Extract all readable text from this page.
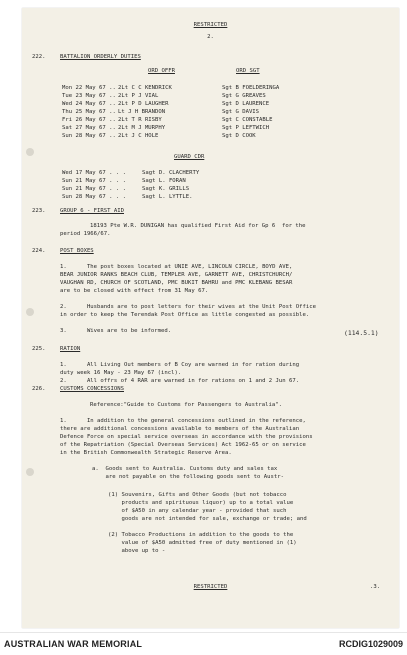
RESTRICTED
2.
222.	BATTALION ORDERLY DUTIES
ORD OFFR	ORD SGT
Mon 22 May 67 .. 2Lt C C KENDRICK	Sgt B FOELDERINGA
Tue 23 May 67 .. 2Lt P J VIAL	Sgt G GREAVES
Wed 24 May 67 .. 2Lt P D LAUGHER	Sgt D LAURENCE
Thu 25 May 67 .. Lt J H BRANDON	Sgt G DAVIS
Fri 26 May 67 .. 2Lt T R RISBY	Sgt C CONSTABLE
Sat 27 May 67 .. 2Lt M J MURPHY	Sgt P LEFTWICH
Sun 28 May 67 .. 2Lt J C HOLE	Sgt D COOK
GUARD CDR
Wed 17 May 67 . . .	Sagt D. CLACHERTY
Sun 21 May 67 . . .	Sagt L. FORAN
Sun 21 May 67 . . .	Sagt K. GRILLS
Sun 28 May 67 . . .	Sagt L. LYTTLE.
223.	GROUP 6 - FIRST AID
18193 Pte W.R. DUNIGAN has qualified First Aid for Gp 6  for the
period 1966/67.
224.	POST BOXES
1.      The post boxes located at UNIE AVE, LINCOLN CIRCLE, BOYD AVE,
BEAR JUNIOR RANKS BEACH CLUB, TEMPLER AVE, GARNETT AVE, CHRISTCHURCH/
VAUGHAN RD, CHURCH OF SCOTLAND, PMC BUKIT BAHRU and PMC KLEBANG BESAR
are to be closed with effect from 31 May 67.
2.      Husbands are to post letters for their wives at the Unit Post Office
in order to keep the Terendak Post Office as little congested as possible.
3.      Wives are to be informed.	(114.5.1)
225.	RATION
1.      All Living Out members of B Coy are warned in for ration during
duty week 16 May - 23 May 67 (incl).
2.      All offrs of 4 RAR are warned in for rations on 1 and 2 Jun 67.
226.	CUSTOMS CONCESSIONS
Reference:"Guide to Customs for Passengers to Australia".
1.      In addition to the general concessions outlined in the reference,
there are additional concessions available to members of the Australian
Defence Force on special service overseas in accordance with the provisions
of the Repatriation (Special Overseas Services) Act 1962-65 or on service
in the British Commonwealth Strategic Reserve Area.
a.  Goods sent to Australia. Customs duty and sales tax
are not payable on the following goods sent to Austr-
(1) Souvenirs, Gifts and Other Goods (but not tobacco
products and spirituous liquor) up to a total value
of $A50 in any calendar year - provided that such
goods are not intended for sale, exchange or trade; and
(2) Tobacco Productions in addition to the goods to the
value of $A50 admitted free of duty mentioned in (1)
above up to -
RESTRICTED	.3.
AUSTRALIAN WAR MEMORIAL	RCDIG1029009
